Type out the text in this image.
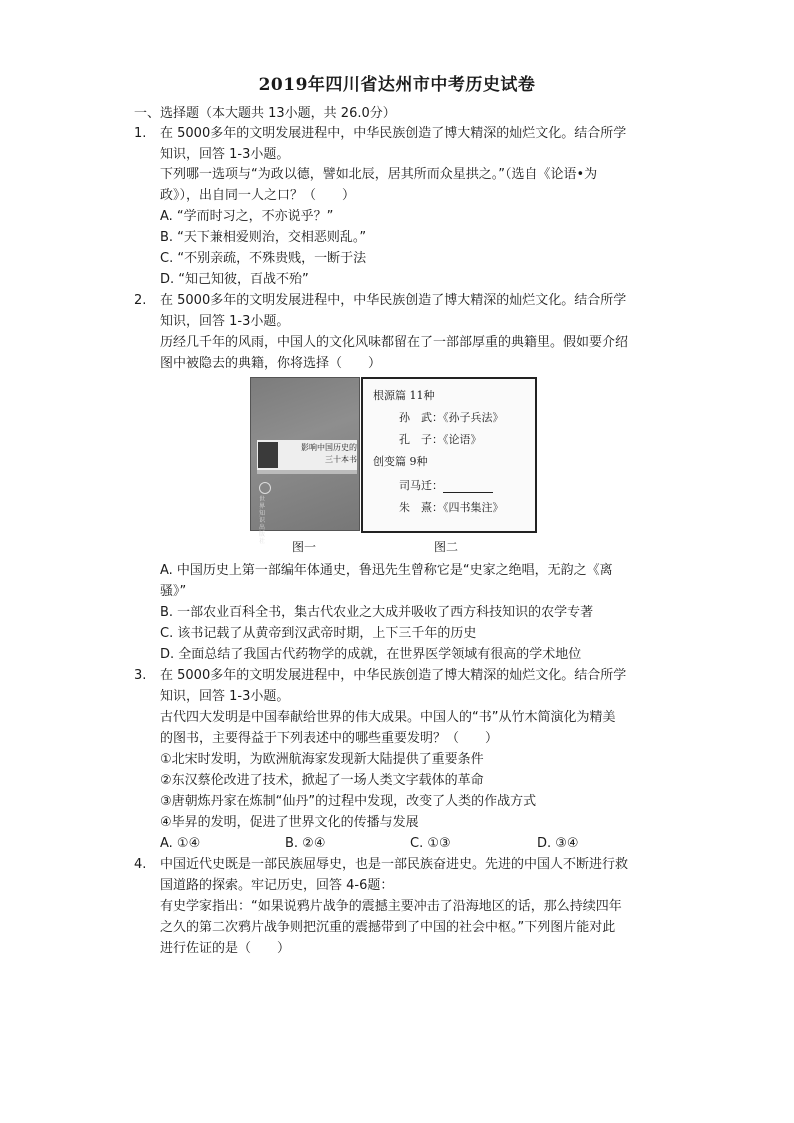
2019年四川省达州市中考历史试卷
一、选择题（本大题共 13小题，共 26.0分）
1. 在 5000多年的文明发展进程中，中华民族创造了博大精深的灿烂文化。结合所学
知识，回答 1-3小题。
下列哪一选项与“为政以德，譬如北辰，居其所而众星拱之。”（选自《论语•为
政》），出自同一人之口？（　　）
A. “学而时习之，不亦说乎？”
B. “天下兼相爱则治，交相恶则乱。”
C. “不别亲疏，不殊贵贱，一断于法
D. “知己知彼，百战不殆”
2. 在 5000多年的文明发展进程中，中华民族创造了博大精深的灿烂文化。结合所学
知识，回答 1-3小题。
历经几千年的风雨，中国人的文化风味都留在了一部部厚重的典籍里。假如要介绍
图中被隐去的典籍，你将选择（　　）
影响中国历史的
三十本书
世界知识出版社
根源篇 11种
孙　武：《孙子兵法》
孔　子：《论语》
创变篇 9种
司马迁：
朱　熹：《四书集注》
图一	图二
A. 中国历史上第一部编年体通史，鲁迅先生曾称它是“史家之绝唱，无韵之《离
骚》”
B. 一部农业百科全书，集古代农业之大成并吸收了西方科技知识的农学专著
C. 该书记载了从黄帝到汉武帝时期，上下三千年的历史
D. 全面总结了我国古代药物学的成就，在世界医学领域有很高的学术地位
3. 在 5000多年的文明发展进程中，中华民族创造了博大精深的灿烂文化。结合所学
知识，回答 1-3小题。
古代四大发明是中国奉献给世界的伟大成果。中国人的“书”从竹木简演化为精美
的图书，主要得益于下列表述中的哪些重要发明？（　　）
①北宋时发明，为欧洲航海家发现新大陆提供了重要条件
②东汉蔡伦改进了技术，掀起了一场人类文字载体的革命
③唐朝炼丹家在炼制“仙丹”的过程中发现，改变了人类的作战方式
④毕昇的发明，促进了世界文化的传播与发展
A. ①④	B. ②④	C. ①③	D. ③④
4. 中国近代史既是一部民族屈辱史，也是一部民族奋进史。先进的中国人不断进行救
国道路的探索。牢记历史，回答 4-6题：
有史学家指出：“如果说鸦片战争的震撼主要冲击了沿海地区的话，那么持续四年
之久的第二次鸦片战争则把沉重的震撼带到了中国的社会中枢。”下列图片能对此
进行佐证的是（　　）
